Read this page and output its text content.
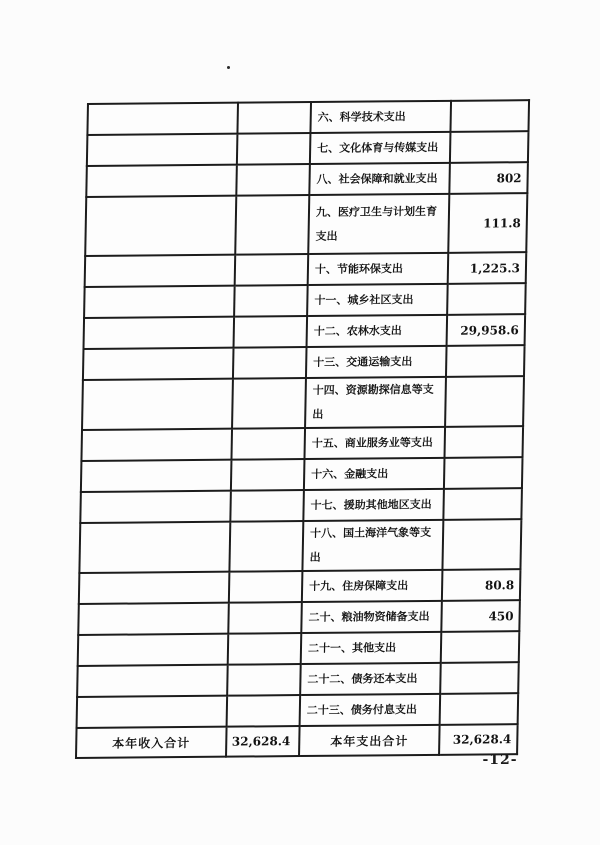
		六、科学技术支出	
		七、文化体育与传媒支出	
		八、社会保障和就业支出	802
		九、医疗卫生与计划生育支出	111.8
		十、节能环保支出	1,225.3
		十一、城乡社区支出	
		十二、农林水支出	29,958.6
		十三、交通运输支出	
		十四、资源勘探信息等支出	
		十五、商业服务业等支出	
		十六、金融支出	
		十七、援助其他地区支出	
		十八、国土海洋气象等支出	
		十九、住房保障支出	80.8
		二十、粮油物资储备支出	450
		二十一、其他支出	
		二十二、债务还本支出	
		二十三、债务付息支出	
本年收入合计	32,628.4	本年支出合计	32,628.4
-12-
